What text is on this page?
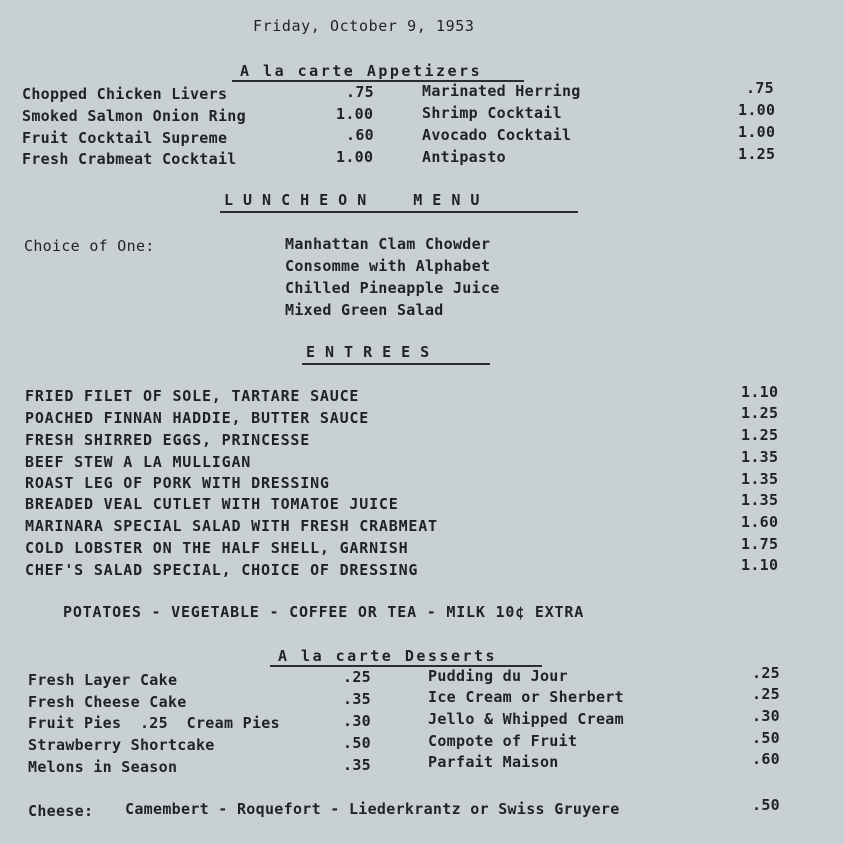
Friday, October 9, 1953
A la carte Appetizers
Chopped Chicken Livers	.75
Smoked Salmon Onion Ring	1.00
Fruit Cocktail Supreme	.60
Fresh Crabmeat Cocktail	1.00
Marinated Herring	.75
Shrimp Cocktail	1.00
Avocado Cocktail	1.00
Antipasto	1.25
LUNCHEON MENU
Choice of One:	Manhattan Clam Chowder
Consomme with Alphabet
Chilled Pineapple Juice
Mixed Green Salad
ENTREES
FRIED FILET OF SOLE, TARTARE SAUCE	1.10
POACHED FINNAN HADDIE, BUTTER SAUCE	1.25
FRESH SHIRRED EGGS, PRINCESSE	1.25
BEEF STEW A LA MULLIGAN	1.35
ROAST LEG OF PORK WITH DRESSING	1.35
BREADED VEAL CUTLET WITH TOMATOE JUICE	1.35
MARINARA SPECIAL SALAD WITH FRESH CRABMEAT	1.60
COLD LOBSTER ON THE HALF SHELL, GARNISH	1.75
CHEF'S SALAD SPECIAL, CHOICE OF DRESSING	1.10
POTATOES - VEGETABLE - COFFEE OR TEA - MILK 10¢ EXTRA
A la carte Desserts
Fresh Layer Cake	.25
Fresh Cheese Cake	.35
Fruit Pies  .25  Cream Pies	.30
Strawberry Shortcake	.50
Melons in Season	.35
Pudding du Jour	.25
Ice Cream or Sherbert	.25
Jello & Whipped Cream	.30
Compote of Fruit	.50
Parfait Maison	.60
Cheese: Camembert - Roquefort - Liederkrantz or Swiss Gruyere	.50
